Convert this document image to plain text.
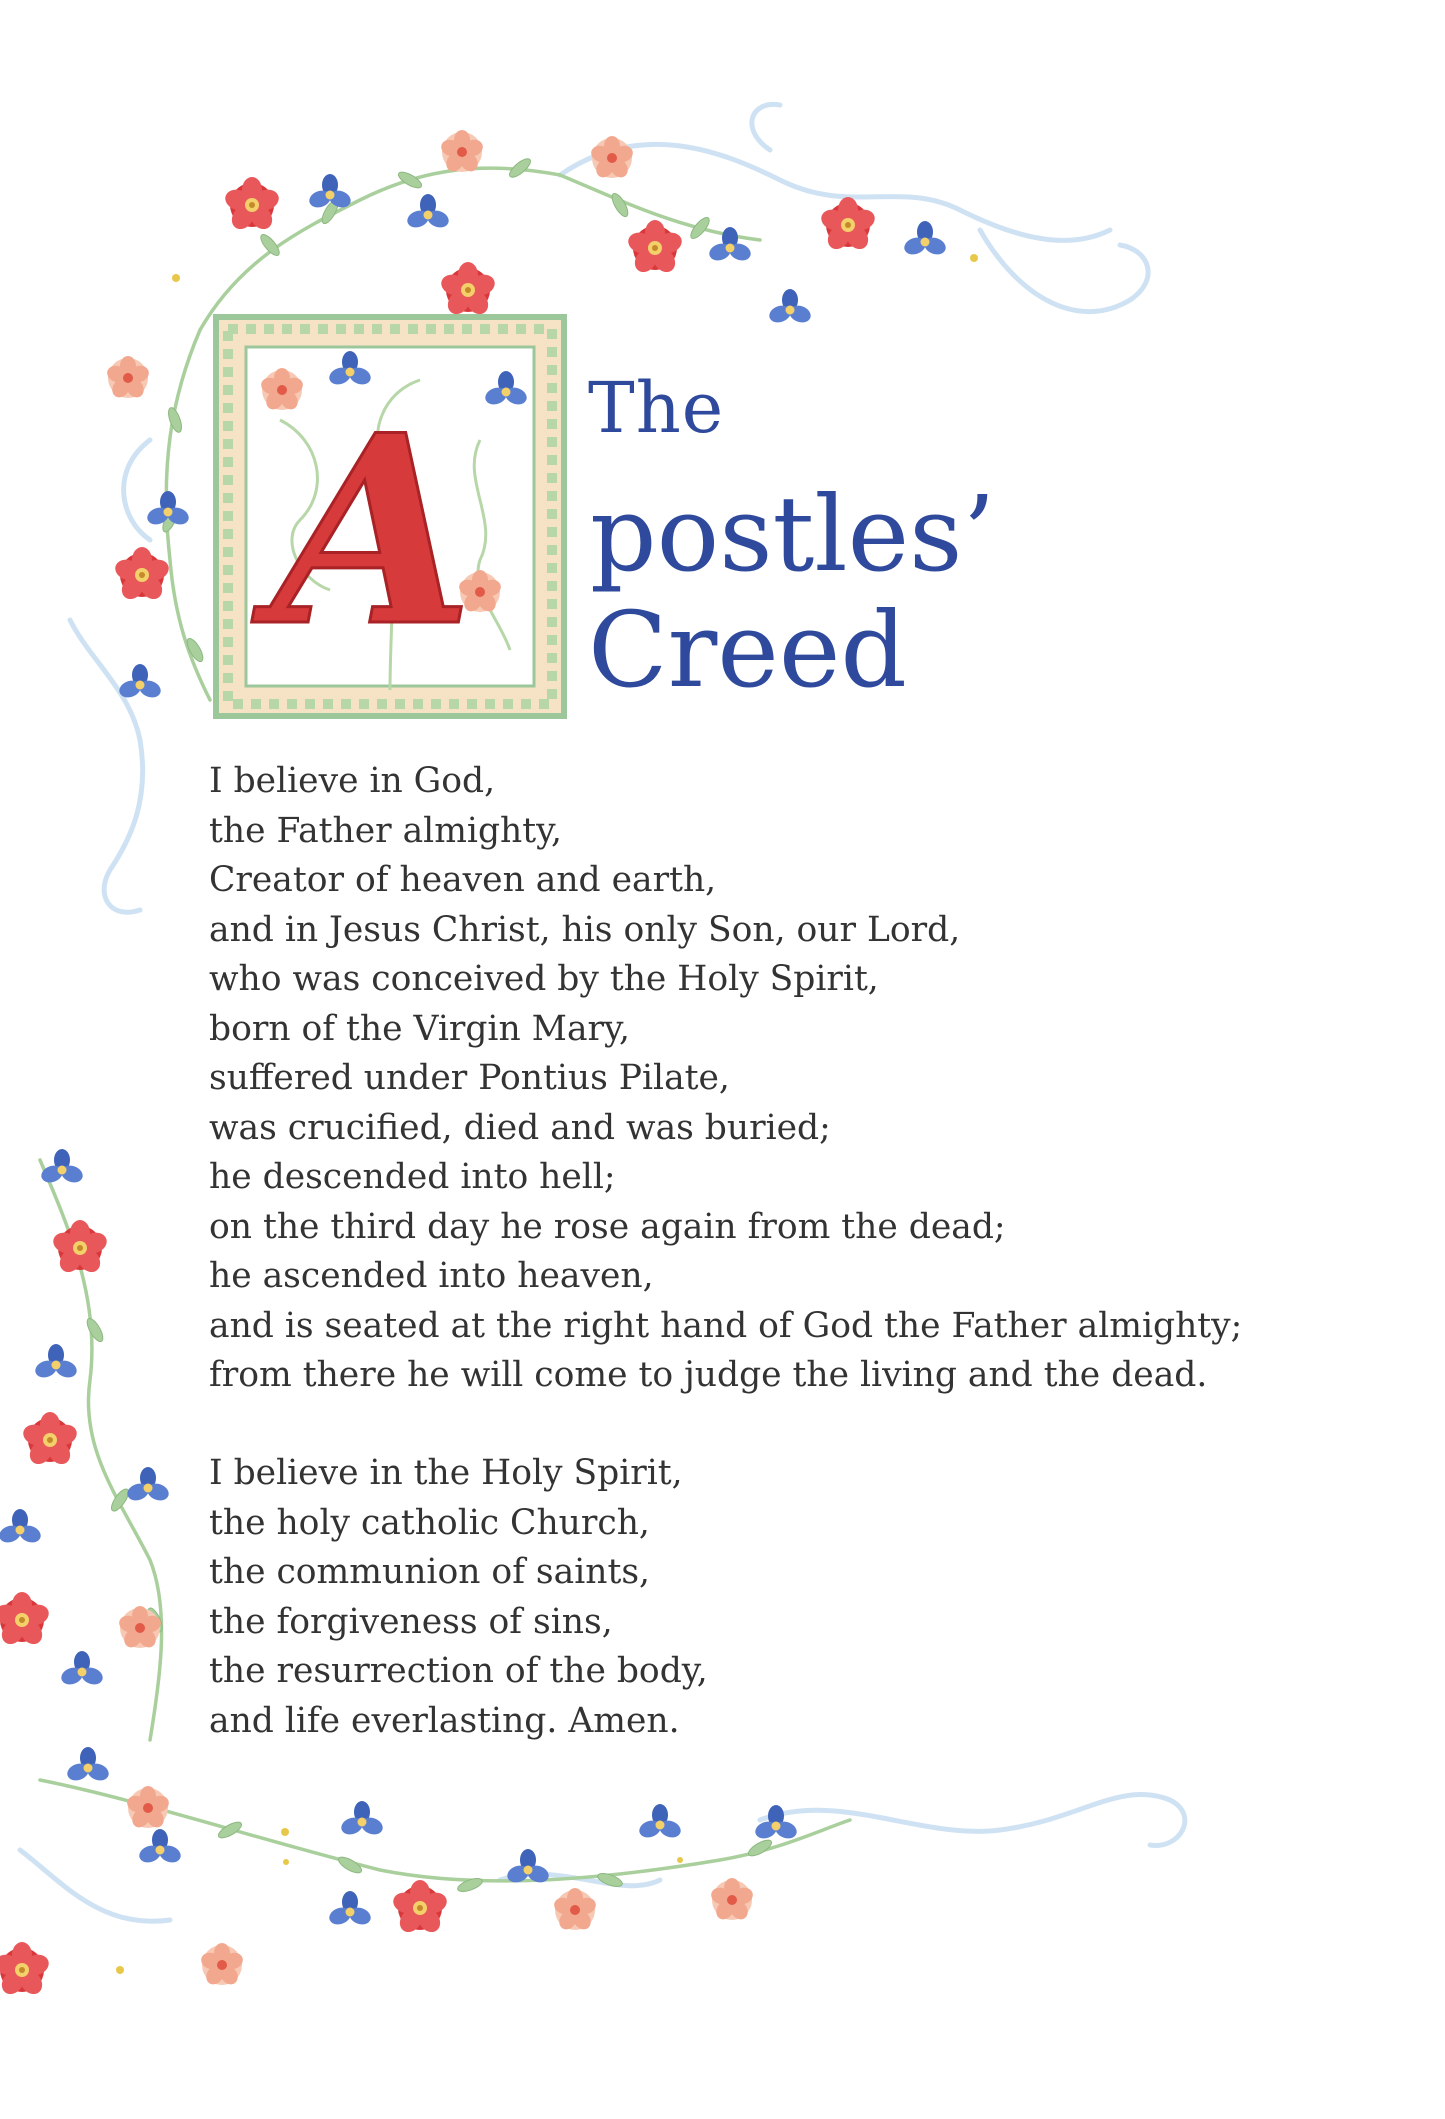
A The
postles’
Creed
I believe in God,
the Father almighty,
Creator of heaven and earth,
and in Jesus Christ, his only Son, our Lord,
who was conceived by the Holy Spirit,
born of the Virgin Mary,
suffered under Pontius Pilate,
was crucified, died and was buried;
he descended into hell;
on the third day he rose again from the dead;
he ascended into heaven,
and is seated at the right hand of God the Father almighty;
from there he will come to judge the living and the dead.
I believe in the Holy Spirit,
the holy catholic Church,
the communion of saints,
the forgiveness of sins,
the resurrection of the body,
and life everlasting. Amen.
